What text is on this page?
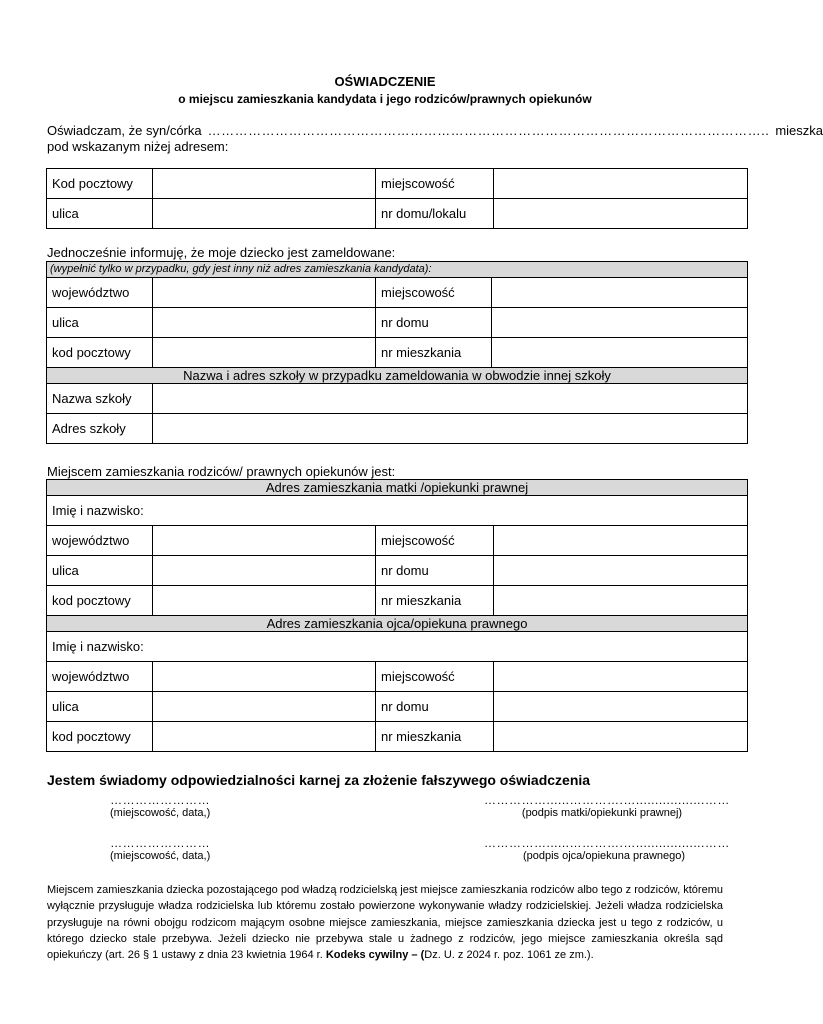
OŚWIADCZENIE
o miejscu zamieszkania kandydata i jego rodziców/prawnych opiekunów
Oświadczam, że syn/córka …………………………………………………………………………………………………………….. mieszka
pod wskazanym niżej adresem:
Kod pocztowy		miejscowość	
ulica		nr domu/lokalu	
Jednocześnie informuję, że moje dziecko jest zameldowane:
(wypełnić tylko w przypadku, gdy jest inny niż adres zamieszkania kandydata):			
województwo		miejscowość	
ulica		nr domu	
kod pocztowy		nr mieszkania	
Nazwa i adres szkoły w przypadku zameldowania w obwodzie innej szkoły			
Nazwa szkoły			
Adres szkoły			
Miejscem zamieszkania rodziców/ prawnych opiekunów jest:
Adres zamieszkania matki /opiekunki prawnej			
Imię i nazwisko:			
województwo		miejscowość	
ulica		nr domu	
kod pocztowy		nr mieszkania	
Adres zamieszkania ojca/opiekuna prawnego			
Imię i nazwisko:			
województwo		miejscowość	
ulica		nr domu	
kod pocztowy		nr mieszkania	
Jestem świadomy odpowiedzialności karnej za złożenie fałszywego oświadczenia
……………………
(miejscowość, data,)
……………......………….…..................……
(podpis matki/opiekunki prawnej)
……………………
(miejscowość, data,)
……………......………….…..................……
(podpis ojca/opiekuna prawnego)
Miejscem zamieszkania dziecka pozostającego pod władzą rodzicielską jest miejsce zamieszkania rodziców albo tego z rodziców, któremu wyłącznie przysługuje władza rodzicielska lub któremu zostało powierzone wykonywanie władzy rodzicielskiej. Jeżeli władza rodzicielska przysługuje na równi obojgu rodzicom mającym osobne miejsce zamieszkania, miejsce zamieszkania dziecka jest u tego z rodziców, u którego dziecko stale przebywa. Jeżeli dziecko nie przebywa stale u żadnego z rodziców, jego miejsce zamieszkania określa sąd opiekuńczy (art. 26 § 1 ustawy z dnia 23 kwietnia 1964 r. Kodeks cywilny – (Dz. U. z 2024 r. poz. 1061 ze zm.).
